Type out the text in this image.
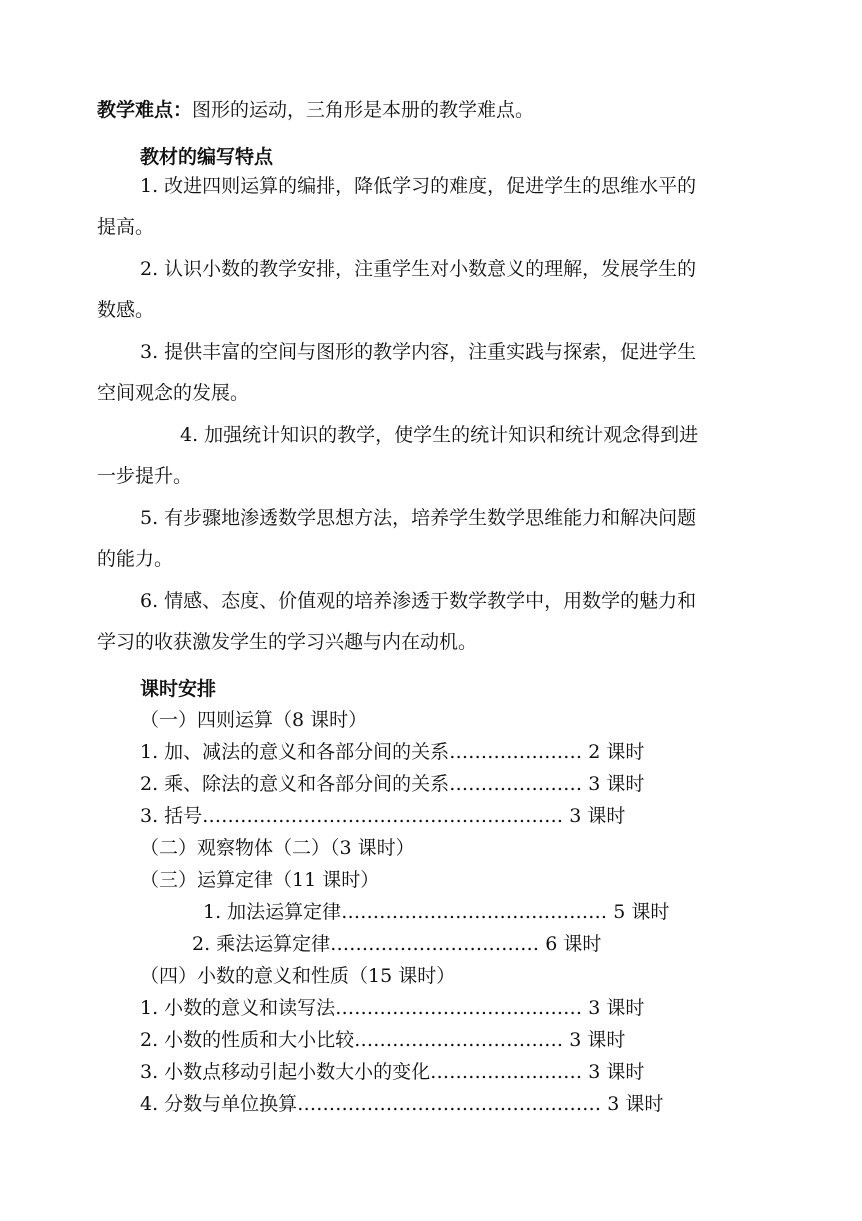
教学难点：图形的运动，三角形是本册的教学难点。
教材的编写特点
1. 改进四则运算的编排，降低学习的难度，促进学生的思维水平的
提高。
2. 认识小数的教学安排，注重学生对小数意义的理解，发展学生的
数感。
3. 提供丰富的空间与图形的教学内容，注重实践与探索，促进学生
空间观念的发展。
4. 加强统计知识的教学，使学生的统计知识和统计观念得到进
一步提升。
5. 有步骤地渗透数学思想方法，培养学生数学思维能力和解决问题
的能力。
6. 情感、态度、价值观的培养渗透于数学教学中，用数学的魅力和
学习的收获激发学生的学习兴趣与内在动机。
课时安排
（一）四则运算（8 课时）
1. 加、减法的意义和各部分间的关系………………… 2 课时
2. 乘、除法的意义和各部分间的关系………………… 3 课时
3. 括号………………………………………………… 3 课时
（二）观察物体（二）（3 课时）
（三）运算定律（11 课时）
1. 加法运算定律…………………………………… 5 课时
2. 乘法运算定律…………………………… 6 课时
（四）小数的意义和性质（15 课时）
1. 小数的意义和读写法………………………………… 3 课时
2. 小数的性质和大小比较…………………………… 3 课时
3. 小数点移动引起小数大小的变化…………………… 3 课时
4. 分数与单位换算………………………………………… 3 课时
